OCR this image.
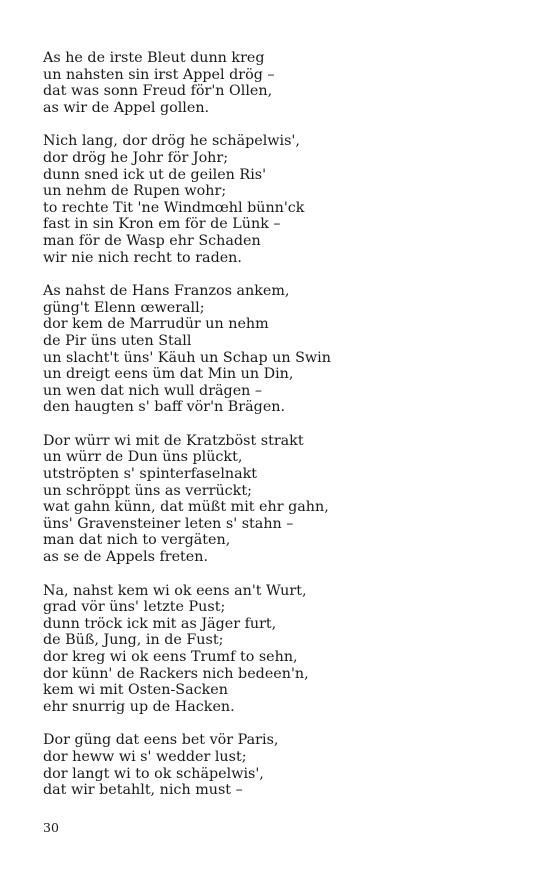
As he de irste Bleut dunn kreg
un nahsten sin irst Appel drög –
dat was sonn Freud för'n Ollen,
as wir de Appel gollen.
Nich lang, dor drög he schäpelwis',
dor drög he Johr för Johr;
dunn sned ick ut de geilen Ris'
un nehm de Rupen wohr;
to rechte Tit 'ne Windmœhl bünn'ck
fast in sin Kron em för de Lünk –
man för de Wasp ehr Schaden
wir nie nich recht to raden.
As nahst de Hans Franzos ankem,
güng't Elenn œwerall;
dor kem de Marrudür un nehm
de Pir üns uten Stall
un slacht't üns' Käuh un Schap un Swin
un dreigt eens üm dat Min un Din,
un wen dat nich wull drägen –
den haugten s' baff vör'n Brägen.
Dor würr wi mit de Kratzböst strakt
un würr de Dun üns plückt,
utströpten s' spinterfaselnakt
un schröppt üns as verrückt;
wat gahn künn, dat müßt mit ehr gahn,
üns' Gravensteiner leten s' stahn –
man dat nich to vergäten,
as se de Appels freten.
Na, nahst kem wi ok eens an't Wurt,
grad vör üns' letzte Pust;
dunn tröck ick mit as Jäger furt,
de Büß, Jung, in de Fust;
dor kreg wi ok eens Trumf to sehn,
dor künn' de Rackers nich bedeen'n,
kem wi mit Osten-Sacken
ehr snurrig up de Hacken.
Dor güng dat eens bet vör Paris,
dor heww wi s' wedder lust;
dor langt wi to ok schäpelwis',
dat wir betahlt, nich must –
30
